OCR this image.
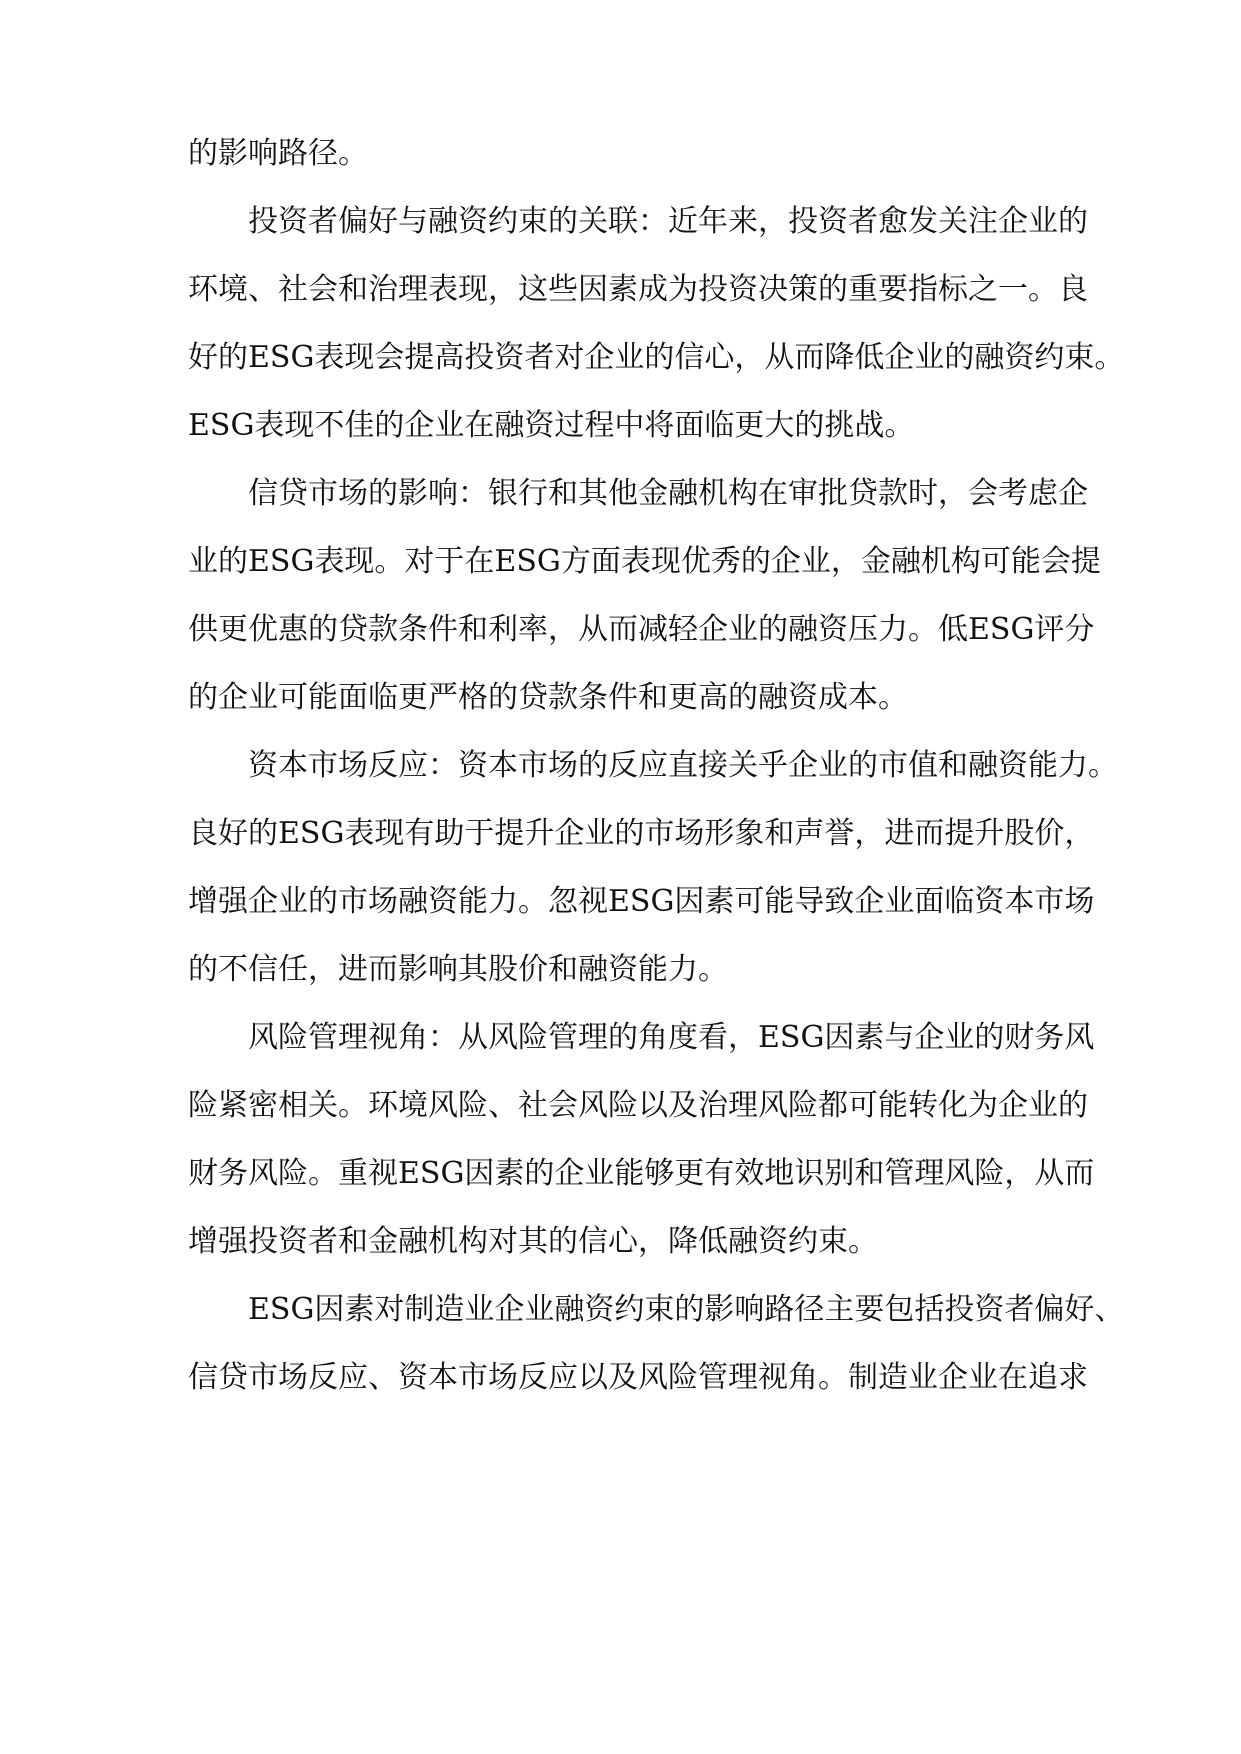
的影响路径。
投资者偏好与融资约束的关联：近年来，投资者愈发关注企业的
环境、社会和治理表现，这些因素成为投资决策的重要指标之一。良
好的ESG表现会提高投资者对企业的信心，从而降低企业的融资约束。
ESG表现不佳的企业在融资过程中将面临更大的挑战。
信贷市场的影响：银行和其他金融机构在审批贷款时，会考虑企
业的ESG表现。对于在ESG方面表现优秀的企业，金融机构可能会提
供更优惠的贷款条件和利率，从而减轻企业的融资压力。低ESG评分
的企业可能面临更严格的贷款条件和更高的融资成本。
资本市场反应：资本市场的反应直接关乎企业的市值和融资能力。
良好的ESG表现有助于提升企业的市场形象和声誉，进而提升股价，
增强企业的市场融资能力。忽视ESG因素可能导致企业面临资本市场
的不信任，进而影响其股价和融资能力。
风险管理视角：从风险管理的角度看，ESG因素与企业的财务风
险紧密相关。环境风险、社会风险以及治理风险都可能转化为企业的
财务风险。重视ESG因素的企业能够更有效地识别和管理风险，从而
增强投资者和金融机构对其的信心，降低融资约束。
ESG因素对制造业企业融资约束的影响路径主要包括投资者偏好、
信贷市场反应、资本市场反应以及风险管理视角。制造业企业在追求
